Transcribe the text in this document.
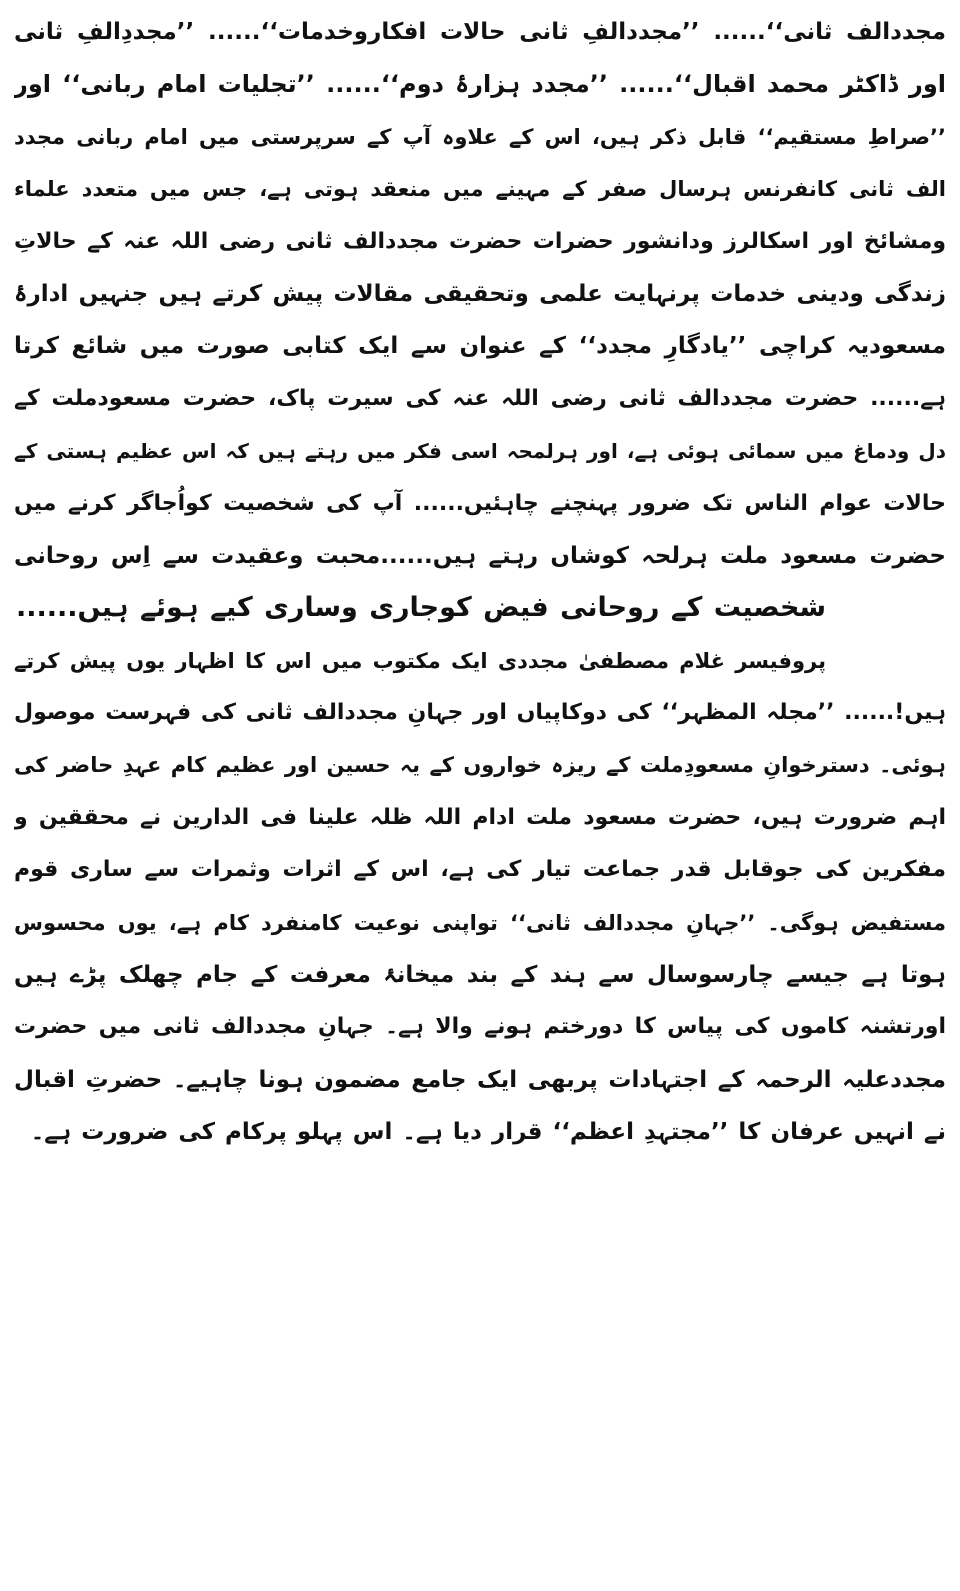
مجددالف ثانی‘‘...... ’’مجددالفِ ثانی حالات افکاروخدمات‘‘...... ’’مجددِالفِ ثانی
اور ڈاکٹر محمد اقبال‘‘...... ’’مجدد ہزارۂ دوم‘‘...... ’’تجلیات امام ربانی‘‘ اور
’’صراطِ مستقیم‘‘ قابل ذکر ہیں، اس کے علاوہ آپ کے سرپرستی میں امام ربانی مجدد
الف ثانی کانفرنس ہرسال صفر کے مہینے میں منعقد ہوتی ہے، جس میں متعدد علماء
ومشائخ اور اسکالرز ودانشور حضرات حضرت مجددالف ثانی رضی اللہ عنہ کے حالاتِ
زندگی ودینی خدمات پرنہایت علمی وتحقیقی مقالات پیش کرتے ہیں جنہیں ادارۂ
مسعودیہ کراچی ’’یادگارِ مجدد‘‘ کے عنوان سے ایک کتابی صورت میں شائع کرتا
ہے...... حضرت مجددالف ثانی رضی اللہ عنہ کی سیرت پاک، حضرت مسعودملت کے
دل ودماغ میں سمائی ہوئی ہے، اور ہرلمحہ اسی فکر میں رہتے ہیں کہ اس عظیم ہستی کے
حالات عوام الناس تک ضرور پہنچنے چاہئیں...... آپ کی شخصیت کواُجاگر کرنے میں
حضرت مسعود ملت ہرلحہ کوشاں رہتے ہیں......محبت وعقیدت سے اِس روحانی
شخصیت کے روحانی فیض کوجاری وساری کیے ہوئے ہیں......
پروفیسر غلام مصطفیٰ مجددی ایک مکتوب میں اس کا اظہار یوں پیش کرتے
ہیں!...... ’’مجلہ المظہر‘‘ کی دوکاپیاں اور جہانِ مجددالف ثانی کی فہرست موصول
ہوئی۔ دسترخوانِ مسعودِملت کے ریزہ خواروں کے یہ حسین اور عظیم کام عہدِ حاضر کی
اہم ضرورت ہیں، حضرت مسعود ملت ادام اللہ ظلہ علینا فی الدارین نے محققین و
مفکرین کی جوقابل قدر جماعت تیار کی ہے، اس کے اثرات وثمرات سے ساری قوم
مستفیض ہوگی۔ ’’جہانِ مجددالف ثانی‘‘ تواپنی نوعیت کامنفرد کام ہے، یوں محسوس
ہوتا ہے جیسے چارسوسال سے ہند کے بند میخانۂ معرفت کے جام چھلک پڑے ہیں
اورتشنہ کاموں کی پیاس کا دورختم ہونے والا ہے۔ جہانِ مجددالف ثانی میں حضرت
مجددعلیہ الرحمہ کے اجتہادات پربھی ایک جامع مضمون ہونا چاہیے۔ حضرتِ اقبال
نے انہیں عرفان کا ’’مجتہدِ اعظم‘‘ قرار دیا ہے۔ اس پہلو پرکام کی ضرورت ہے۔
